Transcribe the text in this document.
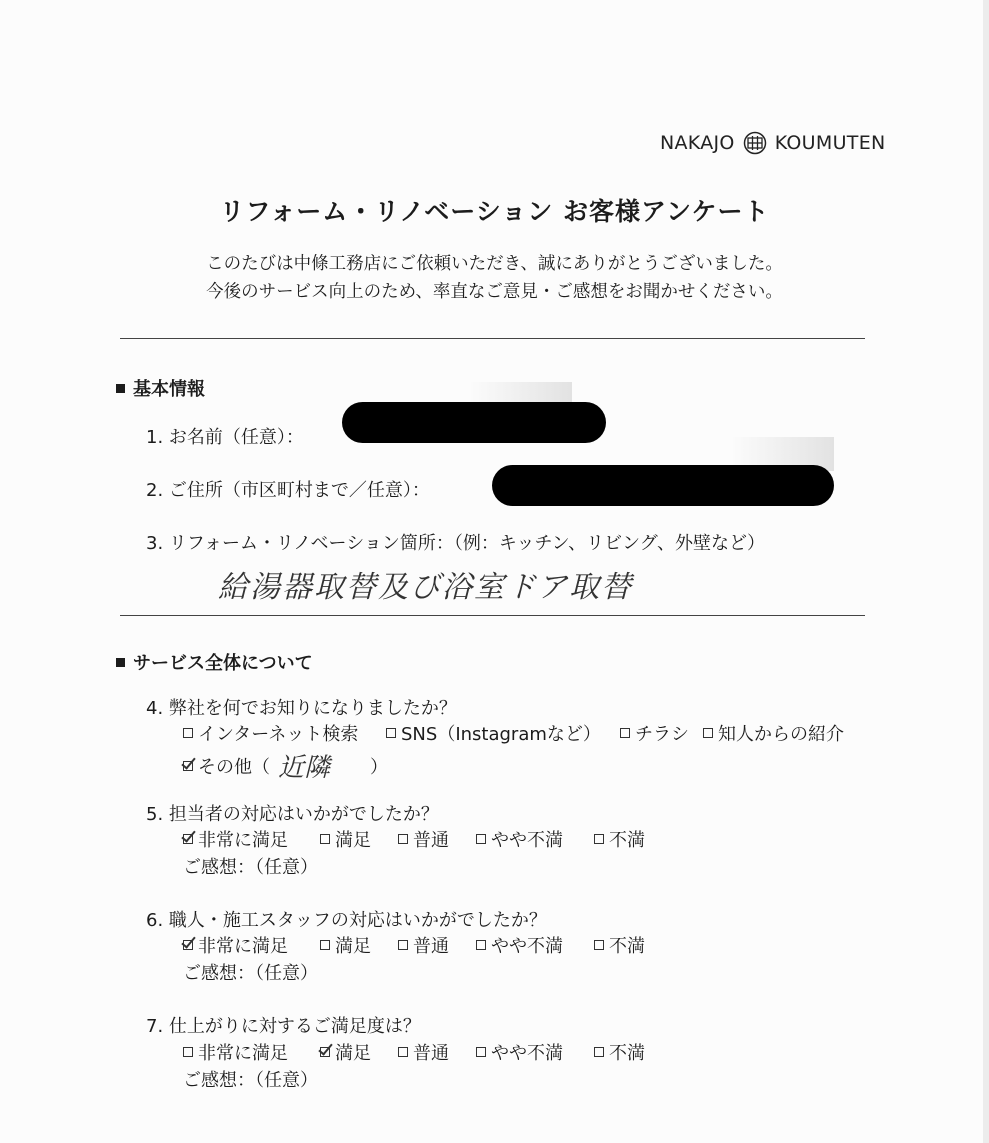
NAKAJO KOUMUTEN
リフォーム・リノベーション お客様アンケート
このたびは中條工務店にご依頼いただき、誠にありがとうございました。
今後のサービス向上のため、率直なご意見・ご感想をお聞かせください。
基本情報
1. お名前（任意）：
2. ご住所（市区町村まで／任意）：
3. リフォーム・リノベーション箇所：（例：キッチン、リビング、外壁など）
給湯器取替及び浴室ドア取替
サービス全体について
4. 弊社を何でお知りになりましたか？
インターネット検索 SNS（Instagramなど） チラシ 知人からの紹介
その他（ 近隣 ）
5. 担当者の対応はいかがでしたか？
非常に満足	満足 普通 やや不満	不満
ご感想：（任意）
6. 職人・施工スタッフの対応はいかがでしたか？
非常に満足	満足 普通 やや不満	不満
ご感想：（任意）
7. 仕上がりに対するご満足度は？
非常に満足	満足 普通 やや不満	不満
ご感想：（任意）
